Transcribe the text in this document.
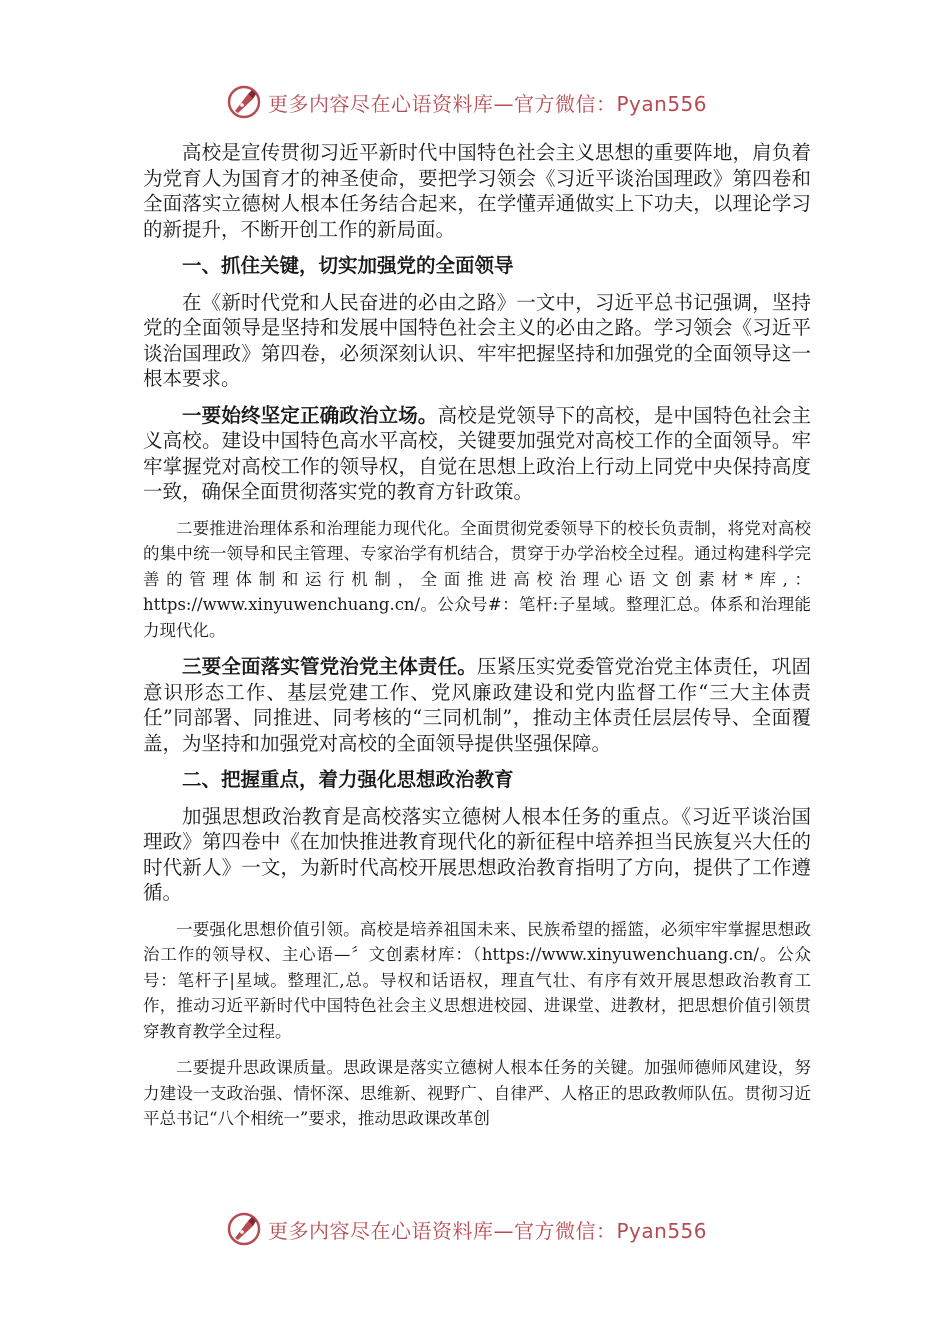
更多内容尽在心语资料库—官方微信：Pyan556

高校是宣传贯彻习近平新时代中国特色社会主义思想的重要阵地，肩负着为党育人为国育才的神圣使命，要把学习领会《习近平谈治国理政》第四卷和全面落实立德树人根本任务结合起来，在学懂弄通做实上下功夫，以理论学习的新提升，不断开创工作的新局面。

一、抓住关键，切实加强党的全面领导

在《新时代党和人民奋进的必由之路》一文中，习近平总书记强调，坚持党的全面领导是坚持和发展中国特色社会主义的必由之路。学习领会《习近平谈治国理政》第四卷，必须深刻认识、牢牢把握坚持和加强党的全面领导这一根本要求。

一要始终坚定正确政治立场。高校是党领导下的高校，是中国特色社会主义高校。建设中国特色高水平高校，关键要加强党对高校工作的全面领导。牢牢掌握党对高校工作的领导权，自觉在思想上政治上行动上同党中央保持高度一致，确保全面贯彻落实党的教育方针政策。

二要推进治理体系和治理能力现代化。全面贯彻党委领导下的校长负责制，将党对高校的集中统一领导和民主管理、专家治学有机结合，贯穿于办学治校全过程。通过构建科学完善的管理体制和运行机制，全面推进高校治理心语文创素材*库,：https://www.xinyuwenchuang.cn/。公众号#：笔杆:子星域。整理汇总。体系和治理能力现代化。

三要全面落实管党治党主体责任。压紧压实党委管党治党主体责任，巩固意识形态工作、基层党建工作、党风廉政建设和党内监督工作“三大主体责任”同部署、同推进、同考核的“三同机制”，推动主体责任层层传导、全面覆盖，为坚持和加强党对高校的全面领导提供坚强保障。

二、把握重点，着力强化思想政治教育

加强思想政治教育是高校落实立德树人根本任务的重点。《习近平谈治国理政》第四卷中《在加快推进教育现代化的新征程中培养担当民族复兴大任的时代新人》一文，为新时代高校开展思想政治教育指明了方向，提供了工作遵循。

一要强化思想价值引领。高校是培养祖国未来、民族希望的摇篮，必须牢牢掌握思想政治工作的领导权、主心语—〞文创素材库：（https://www.xinyuwenchuang.cn/。公众号：笔杆子|星域。整理汇,总。导权和话语权，理直气壮、有序有效开展思想政治教育工作，推动习近平新时代中国特色社会主义思想进校园、进课堂、进教材，把思想价值引领贯穿教育教学全过程。

二要提升思政课质量。思政课是落实立德树人根本任务的关键。加强师德师风建设，努力建设一支政治强、情怀深、思维新、视野广、自律严、人格正的思政教师队伍。贯彻习近平总书记“八个相统一”要求，推动思政课改革创

更多内容尽在心语资料库—官方微信：Pyan556
